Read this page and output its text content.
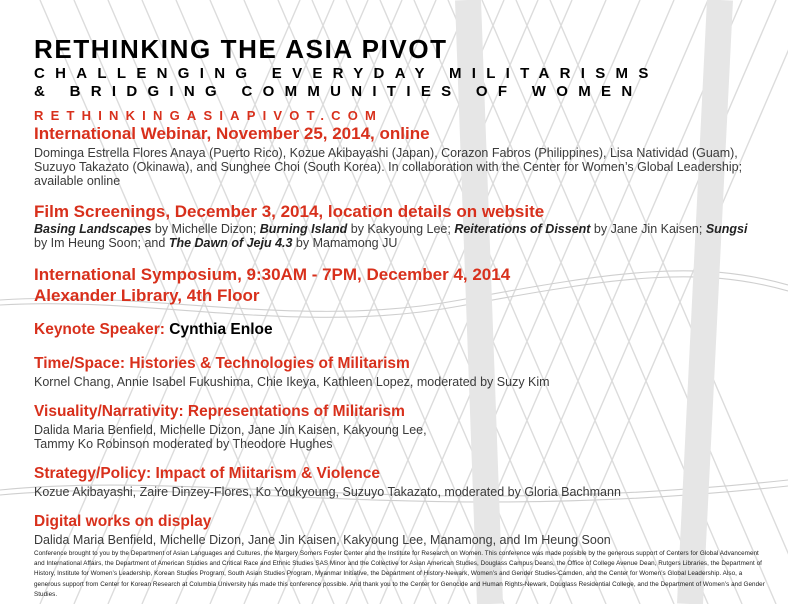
RETHINKING THE ASIA PIVOT
CHALLENGING EVERYDAY MILITARISMS
& BRIDGING COMMUNITIES OF WOMEN
RETHINKINGASIAPIVOT.COM
International Webinar, November 25, 2014, online
Dominga Estrella Flores Anaya (Puerto Rico), Kozue Akibayashi (Japan), Corazon Fabros (Philippines), Lisa Natividad (Guam), Suzuyo Takazato (Okinawa), and Sunghee Choi (South Korea). In collaboration with the Center for Women’s Global Leadership; available online
Film Screenings, December 3, 2014, location details on website
Basing Landscapes by Michelle Dizon; Burning Island by Kakyoung Lee; Reiterations of Dissent by Jane Jin Kaisen; Sungsi by Im Heung Soon; and The Dawn of Jeju 4.3 by Mamamong JU
International Symposium, 9:30AM - 7PM, December 4, 2014
Alexander Library, 4th Floor
Keynote Speaker: Cynthia Enloe
Time/Space: Histories & Technologies of Militarism
Kornel Chang, Annie Isabel Fukushima, Chie Ikeya, Kathleen Lopez, moderated by Suzy Kim
Visuality/Narrativity: Representations of Militarism
Dalida Maria Benfield, Michelle Dizon, Jane Jin Kaisen, Kakyoung Lee, Tammy Ko Robinson moderated by Theodore Hughes
Strategy/Policy: Impact of Miitarism & Violence
Kozue Akibayashi, Zaire Dinzey-Flores, Ko Youkyoung, Suzuyo Takazato, moderated by Gloria Bachmann
Digital works on display
Dalida Maria Benfield, Michelle Dizon, Jane Jin Kaisen, Kakyoung Lee, Manamong, and Im Heung Soon
Conference brought to you by the Department of Asian Languages and Cultures, the Margery Somers Foster Center and the Institute for Research on Women. This conference was made possible by the generous support of Centers for Global Advancement and International Affairs, the Department of American Studies and Critical Race and Ethnic Studies SAS Minor and the Collective for Asian American Studies, Douglass Campus Deans, the Office of College Avenue Dean, Rutgers Libraries, the Department of History, Institute for Women’s Leadership, Korean Studies Program, South Asian Studies Program, Myanmar Initiative, the Department of History-Newark, Women’s and Gender Studies-Camden, and the Center for Women’s Global Leadership. Also, a generous support from Center for Korean Research at Columbia University has made this conference possible. And thank you to the Center for Genocide and Human Rights-Newark, Douglass Residential College, and the Department of Women’s and Gender Studies.
